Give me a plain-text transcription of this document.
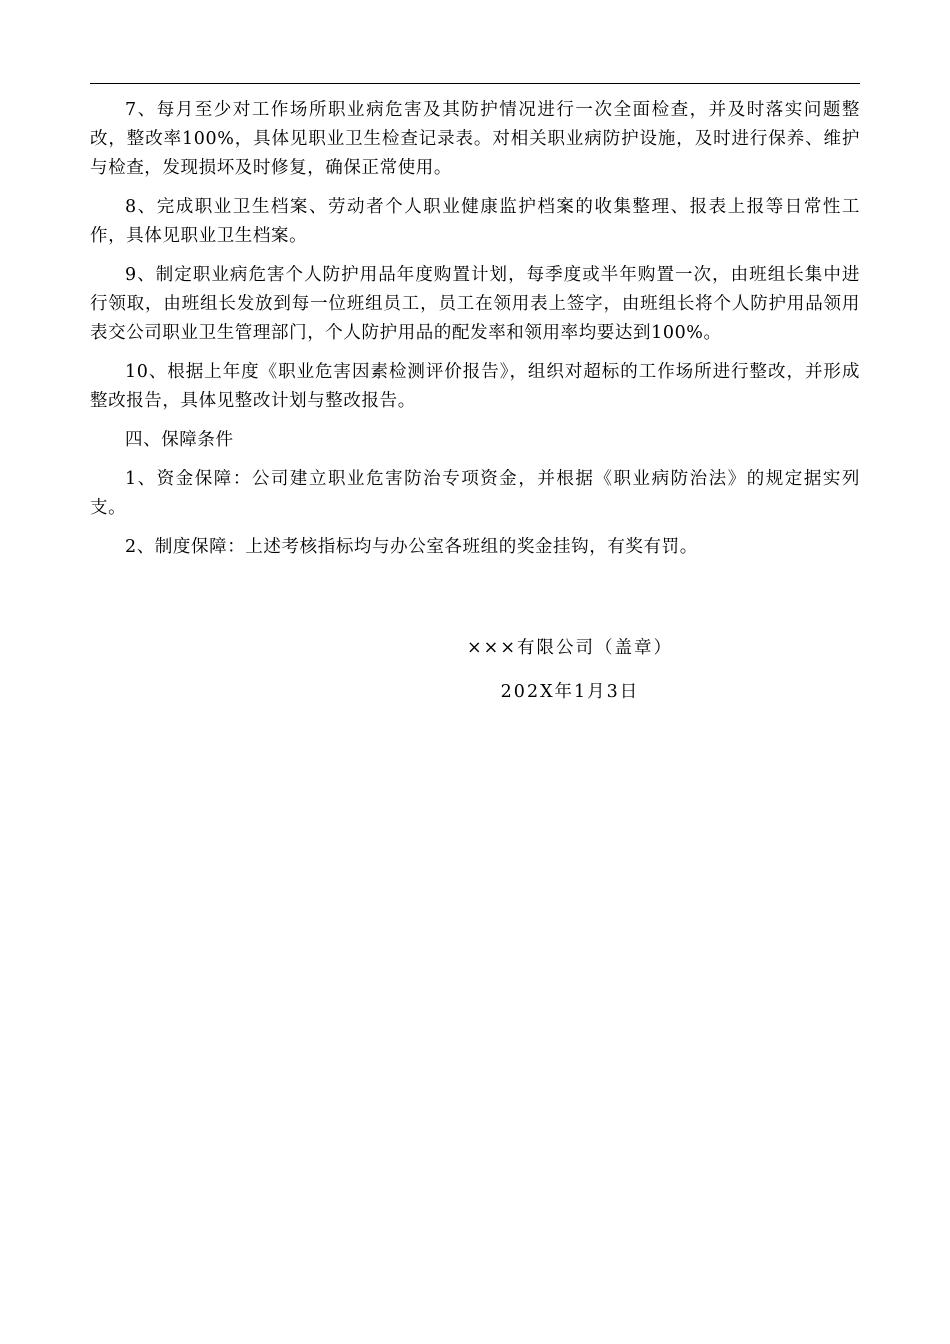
7、每月至少对工作场所职业病危害及其防护情况进行一次全面检查，并及时落实问题整改，整改率100%，具体见职业卫生检查记录表。对相关职业病防护设施，及时进行保养、维护与检查，发现损坏及时修复，确保正常使用。

8、完成职业卫生档案、劳动者个人职业健康监护档案的收集整理、报表上报等日常性工作，具体见职业卫生档案。

9、制定职业病危害个人防护用品年度购置计划，每季度或半年购置一次，由班组长集中进行领取，由班组长发放到每一位班组员工，员工在领用表上签字，由班组长将个人防护用品领用表交公司职业卫生管理部门，个人防护用品的配发率和领用率均要达到100%。

10、根据上年度《职业危害因素检测评价报告》，组织对超标的工作场所进行整改，并形成整改报告，具体见整改计划与整改报告。

四、保障条件

1、资金保障：公司建立职业危害防治专项资金，并根据《职业病防治法》的规定据实列支。

2、制度保障：上述考核指标均与办公室各班组的奖金挂钩，有奖有罚。

×××有限公司（盖章）
202X年1月3日
